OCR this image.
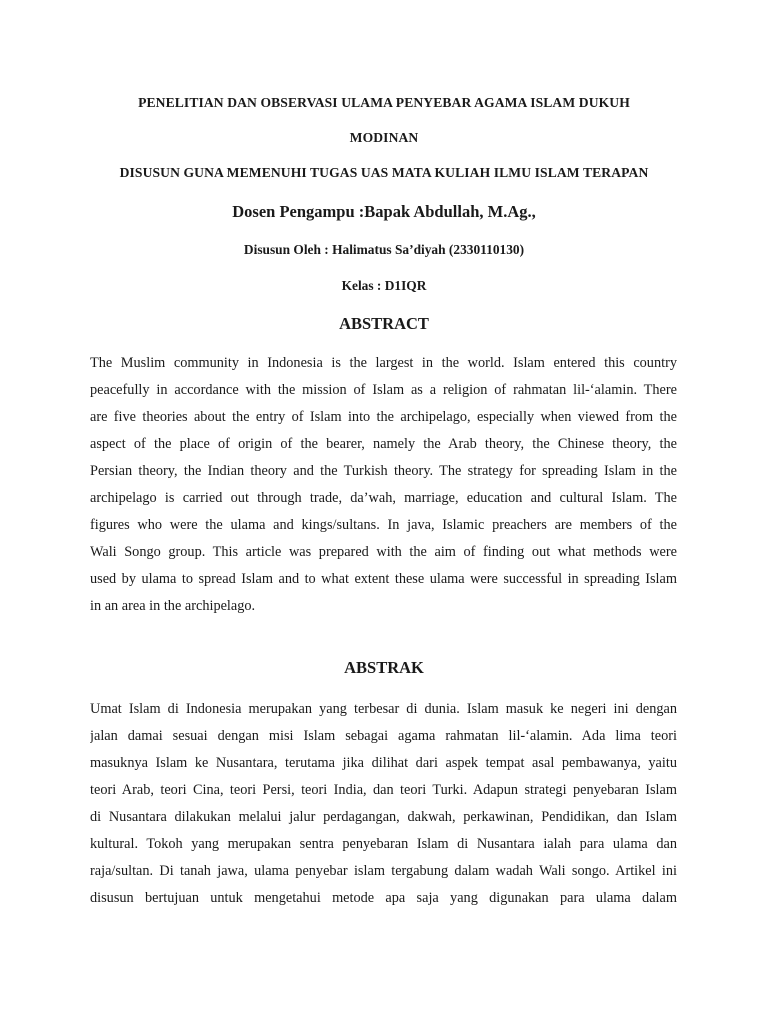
PENELITIAN DAN OBSERVASI ULAMA PENYEBAR AGAMA ISLAM DUKUH
MODINAN
DISUSUN GUNA MEMENUHI TUGAS UAS MATA KULIAH ILMU ISLAM TERAPAN
Dosen Pengampu :Bapak Abdullah, M.Ag.,
Disusun Oleh : Halimatus Sa’diyah (2330110130)
Kelas : D1IQR
ABSTRACT
The Muslim community in Indonesia is the largest in the world. Islam entered this country
peacefully in accordance with the mission of Islam as a religion of rahmatan lil-‘alamin. There
are five theories about the entry of Islam into the archipelago, especially when viewed from the
aspect of the place of origin of the bearer, namely the Arab theory, the Chinese theory, the
Persian theory, the Indian theory and the Turkish theory. The strategy for spreading Islam in the
archipelago is carried out through trade, da’wah, marriage, education and cultural Islam. The
figures who were the ulama and kings/sultans. In java, Islamic preachers are members of the
Wali Songo group. This article was prepared with the aim of finding out what methods were
used by ulama to spread Islam and to what extent these ulama were successful in spreading Islam
in an area in the archipelago.
ABSTRAK
Umat Islam di Indonesia merupakan yang terbesar di dunia. Islam masuk ke negeri ini dengan
jalan damai sesuai dengan misi Islam sebagai agama rahmatan lil-‘alamin. Ada lima teori
masuknya Islam ke Nusantara, terutama jika dilihat dari aspek tempat asal pembawanya, yaitu
teori Arab, teori Cina, teori Persi, teori India, dan teori Turki. Adapun strategi penyebaran Islam
di Nusantara dilakukan melalui jalur perdagangan, dakwah, perkawinan, Pendidikan, dan Islam
kultural. Tokoh yang merupakan sentra penyebaran Islam di Nusantara ialah para ulama dan
raja/sultan. Di tanah jawa, ulama penyebar islam tergabung dalam wadah Wali songo. Artikel ini
disusun bertujuan untuk mengetahui metode apa saja yang digunakan para ulama dalam
